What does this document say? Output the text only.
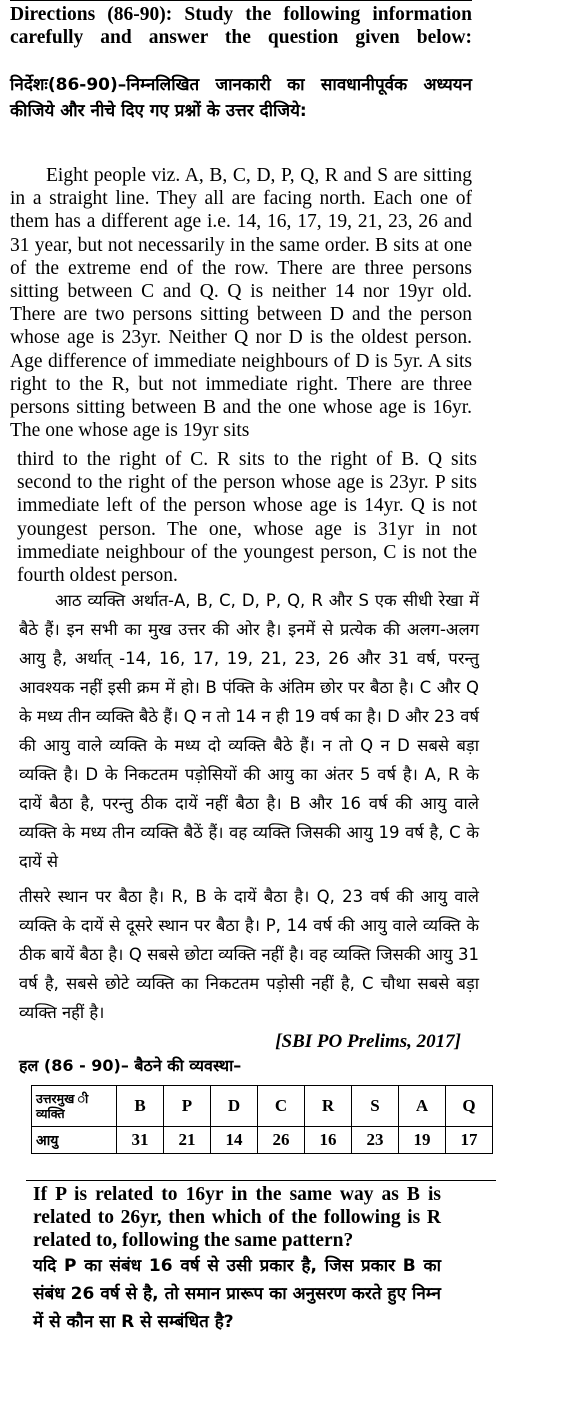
Directions (86-90): Study the following information carefully and answer the question given below:

निर्देशः(86-90)–निम्नलिखित जानकारी का सावधानीपूर्वक अध्ययन कीजिये और नीचे दिए गए प्रश्नों के उत्तर दीजिये:
Eight people viz. A, B, C, D, P, Q, R and S are sitting in a straight line. They all are facing north. Each one of them has a different age i.e. 14, 16, 17, 19, 21, 23, 26 and 31 year, but not necessarily in the same order. B sits at one of the extreme end of the row. There are three persons sitting between C and Q. Q is neither 14 nor 19yr old. There are two persons sitting between D and the person whose age is 23yr. Neither Q nor D is the oldest person. Age difference of immediate neighbours of D is 5yr. A sits right to the R, but not immediate right. There are three persons sitting between B and the one whose age is 16yr. The one whose age is 19yr sits
third to the right of C. R sits to the right of B. Q sits second to the right of the person whose age is 23yr. P sits immediate left of the person whose age is 14yr. Q is not youngest person. The one, whose age is 31yr in not immediate neighbour of the youngest person, C is not the fourth oldest person.
आठ व्यक्ति अर्थात-A, B, C, D, P, Q, R और S एक सीधी रेखा में बैठे हैं। इन सभी का मुख उत्तर की ओर है। इनमें से प्रत्येक की अलग-अलग आयु है, अर्थात् -14, 16, 17, 19, 21, 23, 26 और 31 वर्ष, परन्तु आवश्यक नहीं इसी क्रम में हो। B पंक्ति के अंतिम छोर पर बैठा है। C और Q के मध्य तीन व्यक्ति बैठे हैं। Q न तो 14 न ही 19 वर्ष का है। D और 23 वर्ष की आयु वाले व्यक्ति के मध्य दो व्यक्ति बैठे हैं। न तो Q न D सबसे बड़ा व्यक्ति है। D के निकटतम पड़ोसियों की आयु का अंतर 5 वर्ष है। A, R के दायें बैठा है, परन्तु ठीक दायें नहीं बैठा है। B और 16 वर्ष की आयु वाले व्यक्ति के मध्य तीन व्यक्ति बैठें हैं। वह व्यक्ति जिसकी आयु 19 वर्ष है, C के दायें से
तीसरे स्थान पर बैठा है। R, B के दायें बैठा है। Q, 23 वर्ष की आयु वाले व्यक्ति के दायें से दूसरे स्थान पर बैठा है। P, 14 वर्ष की आयु वाले व्यक्ति के ठीक बायें बैठा है। Q सबसे छोटा व्यक्ति नहीं है। वह व्यक्ति जिसकी आयु 31 वर्ष है, सबसे छोटे व्यक्ति का निकटतम पड़ोसी नहीं है, C चौथा सबसे बड़ा व्यक्ति नहीं है।
[SBI PO Prelims, 2017]
हल (86 - 90)– बैठने की व्यवस्था–
उत्तरमुख ी व्यक्ति	B	P	D	C	R	S	A	Q
आयु	31	21	14	26	16	23	19	17
If P is related to 16yr in the same way as B is related to 26yr, then which of the following is R related to, following the same pattern?
यदि P का संबंध 16 वर्ष से उसी प्रकार है, जिस प्रकार B का संबंध 26 वर्ष से है, तो समान प्रारूप का अनुसरण करते हुए निम्न में से कौन सा R से सम्बंधित है?
